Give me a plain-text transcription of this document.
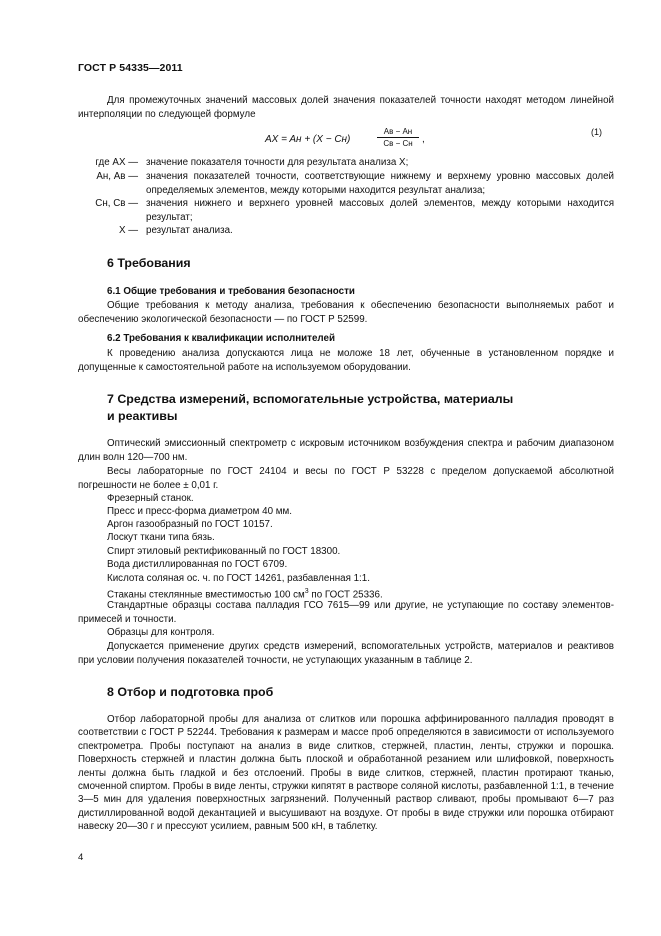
ГОСТ Р 54335—2011

Для промежуточных значений массовых долей значения показателей точности находят методом линейной интерполяции по следующей формуле

AX = Aн + (X − Cн)
Aв − Aн
Cв − Cн ,
(1)
где AX — значение показателя точности для результата анализа X;
Aн, Aв — значения показателей точности, соответствующие нижнему и верхнему уровню массовых долей определяемых элементов, между которыми находится результат анализа;
Cн, Cв — значения нижнего и верхнего уровней массовых долей элементов, между которыми находится результат;
X — результат анализа.
6 Требования
6.1 Общие требования и требования безопасности

Общие требования к методу анализа, требования к обеспечению безопасности выполняемых работ и обеспечению экологической безопасности — по ГОСТ Р 52599.

6.2 Требования к квалификации исполнителей

К проведению анализа допускаются лица не моложе 18 лет, обученные в установленном порядке и допущенные к самостоятельной работе на используемом оборудовании.

7 Средства измерений, вспомогательные устройства, материалы
и реактивы

Оптический эмиссионный спектрометр с искровым источником возбуждения спектра и рабочим диапазоном длин волн 120—700 нм.

Весы лабораторные по ГОСТ 24104 и весы по ГОСТ Р 53228 с пределом допускаемой абсолютной погрешности не более ± 0,01 г.

Фрезерный станок.

Пресс и пресс-форма диаметром 40 мм.

Аргон газообразный по ГОСТ 10157.

Лоскут ткани типа бязь.

Спирт этиловый ректификованный по ГОСТ 18300.

Вода дистиллированная по ГОСТ 6709.

Кислота соляная ос. ч. по ГОСТ 14261, разбавленная 1:1.

Стаканы стеклянные вместимостью 100 $см^3$ по ГОСТ 25336.

Стандартные образцы состава палладия ГСО 7615—99 или другие, не уступающие по составу элементов-примесей и точности.

Образцы для контроля.

Допускается применение других средств измерений, вспомогательных устройств, материалов и реактивов при условии получения показателей точности, не уступающих указанным в таблице 2.

8 Отбор и подготовка проб

Отбор лабораторной пробы для анализа от слитков или порошка аффинированного палладия проводят в соответствии с ГОСТ Р 52244. Требования к размерам и массе проб определяются в зависимости от используемого спектрометра. Пробы поступают на анализ в виде слитков, стержней, пластин, ленты, стружки и порошка. Поверхность стержней и пластин должна быть плоской и обработанной резанием или шлифовкой, поверхность ленты должна быть гладкой и без отслоений. Пробы в виде слитков, стержней, пластин протирают тканью, смоченной спиртом. Пробы в виде ленты, стружки кипятят в растворе соляной кислоты, разбавленной 1:1, в течение 3—5 мин для удаления поверхностных загрязнений. Полученный раствор сливают, пробы промывают 6—7 раз дистиллированной водой декантацией и высушивают на воздухе. От пробы в виде стружки или порошка отбирают навеску 20—30 г и прессуют усилием, равным 500 кН, в таблетку.

4
